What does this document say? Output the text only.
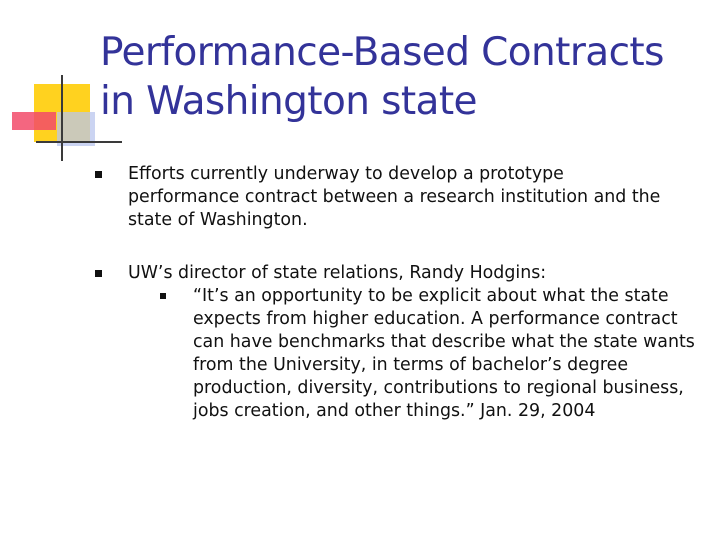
Performance-Based Contracts
in Washington state
Efforts currently underway to develop a prototype
performance contract between a research institution and the
state of Washington.
UW’s director of state relations, Randy Hodgins:
“It’s an opportunity to be explicit about what the state
expects from higher education. A performance contract
can have benchmarks that describe what the state wants
from the University, in terms of bachelor’s degree
production, diversity, contributions to regional business,
jobs creation, and other things.” Jan. 29, 2004
